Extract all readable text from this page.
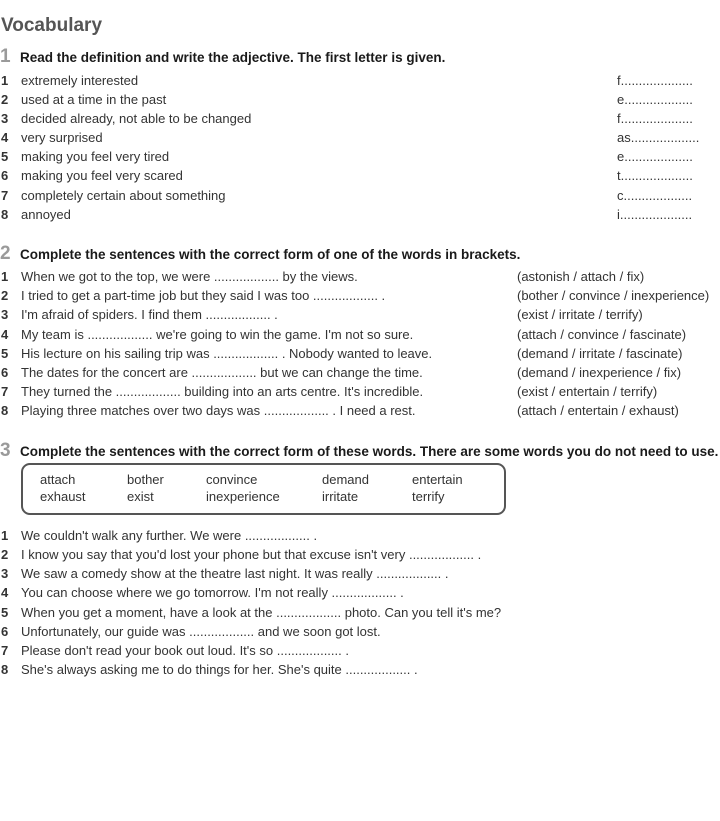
Vocabulary
1 Read the definition and write the adjective. The first letter is given.
1 extremely interested	f....................
2 used at a time in the past	e...................
3 decided already, not able to be changed	f....................
4 very surprised	as...................
5 making you feel very tired	e...................
6 making you feel very scared	t....................
7 completely certain about something	c...................
8 annoyed	i....................
2 Complete the sentences with the correct form of one of the words in brackets.
1 When we got to the top, we were .................. by the views.	(astonish / attach / fix)
2 I tried to get a part-time job but they said I was too .................. .	(bother / convince / inexperience)
3 I'm afraid of spiders. I find them .................. .	(exist / irritate / terrify)
4 My team is .................. we're going to win the game. I'm not so sure.	(attach / convince / fascinate)
5 His lecture on his sailing trip was .................. . Nobody wanted to leave.	(demand / irritate / fascinate)
6 The dates for the concert are .................. but we can change the time.	(demand / inexperience / fix)
7 They turned the .................. building into an arts centre. It's incredible.	(exist / entertain / terrify)
8 Playing three matches over two days was .................. . I need a rest.	(attach / entertain / exhaust)
3 Complete the sentences with the correct form of these words. There are some words you do not need to use.
attach	bother	convince	demand	entertain
exhaust	exist	inexperience	irritate	terrify
1 We couldn't walk any further. We were .................. .
2 I know you say that you'd lost your phone but that excuse isn't very .................. .
3 We saw a comedy show at the theatre last night. It was really .................. .
4 You can choose where we go tomorrow. I'm not really .................. .
5 When you get a moment, have a look at the .................. photo. Can you tell it's me?
6 Unfortunately, our guide was .................. and we soon got lost.
7 Please don't read your book out loud. It's so .................. .
8 She's always asking me to do things for her. She's quite .................. .
